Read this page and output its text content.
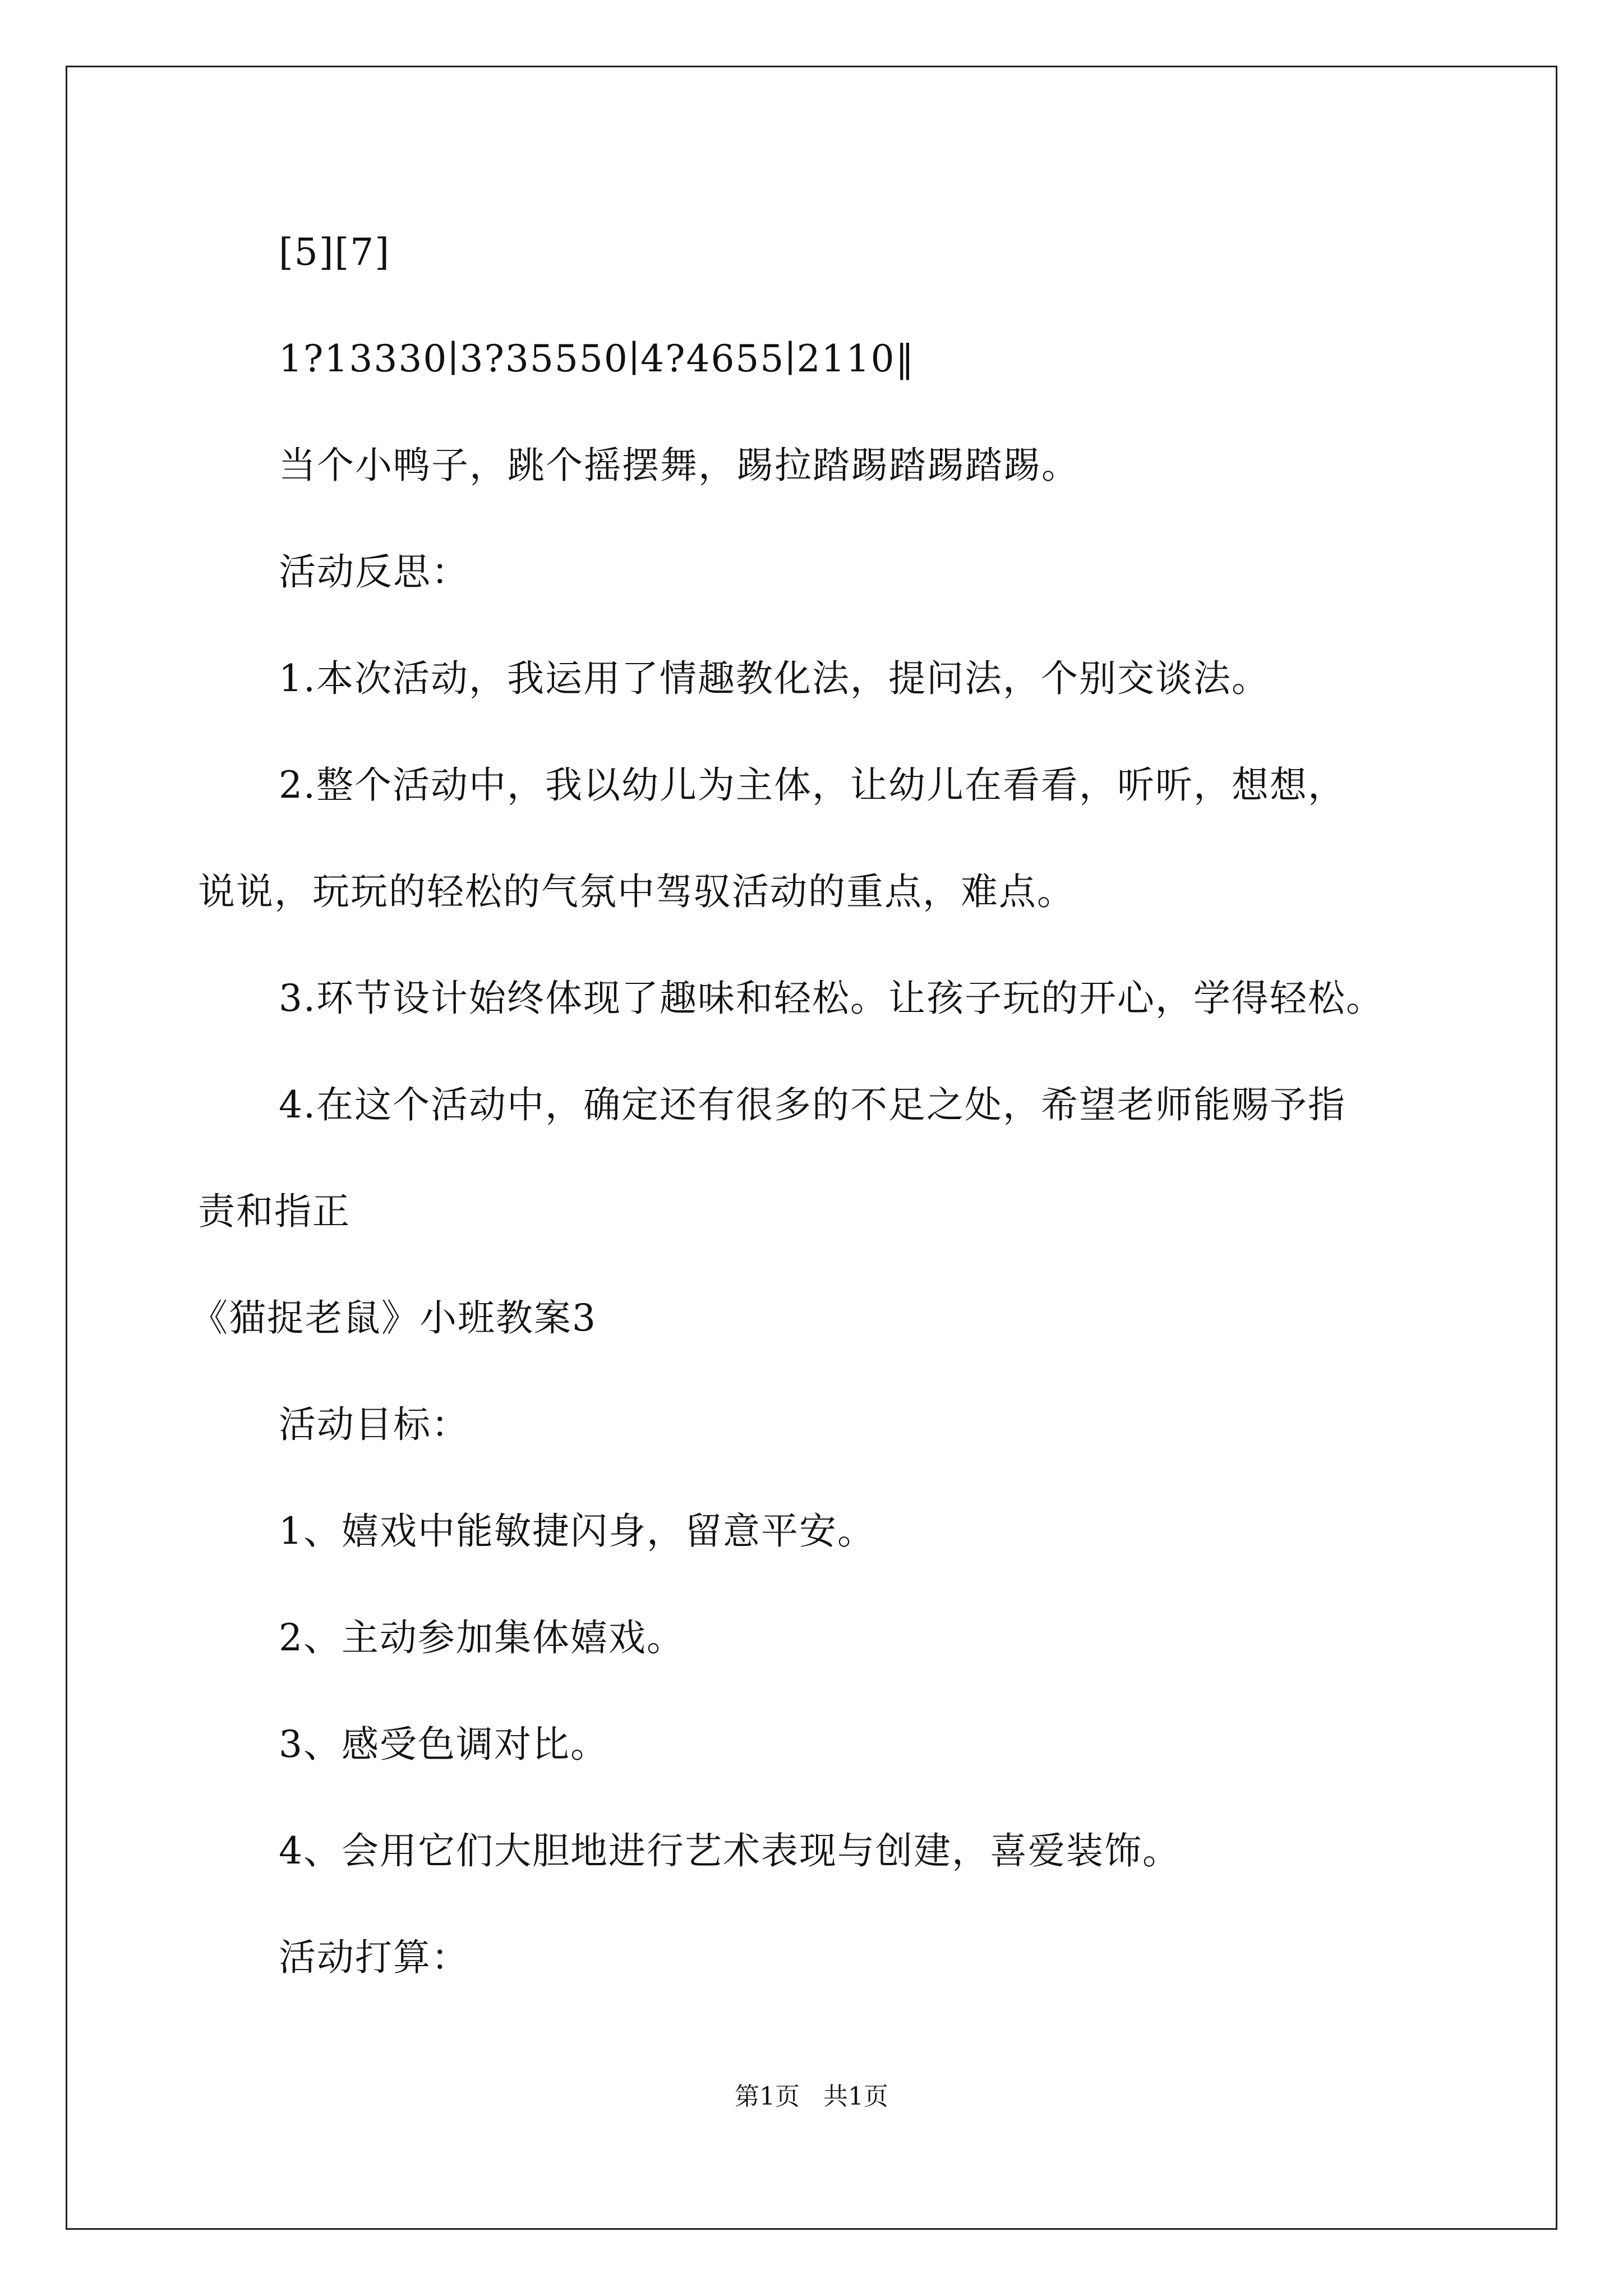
[5][7]
1?13330∣3?35550∣4?4655∣2110‖
当个小鸭子，跳个摇摆舞，踢拉踏踢踏踢踏踢。
活动反思：
1.本次活动，我运用了情趣教化法，提问法，个别交谈法。
2.整个活动中，我以幼儿为主体，让幼儿在看看，听听，想想，
说说，玩玩的轻松的气氛中驾驭活动的重点，难点。
3.环节设计始终体现了趣味和轻松。让孩子玩的开心，学得轻松。
4.在这个活动中，确定还有很多的不足之处，希望老师能赐予指
责和指正
《猫捉老鼠》小班教案3
活动目标：
1、嬉戏中能敏捷闪身，留意平安。
2、主动参加集体嬉戏。
3、感受色调对比。
4、会用它们大胆地进行艺术表现与创建，喜爱装饰。
活动打算：
第1页 共1页
